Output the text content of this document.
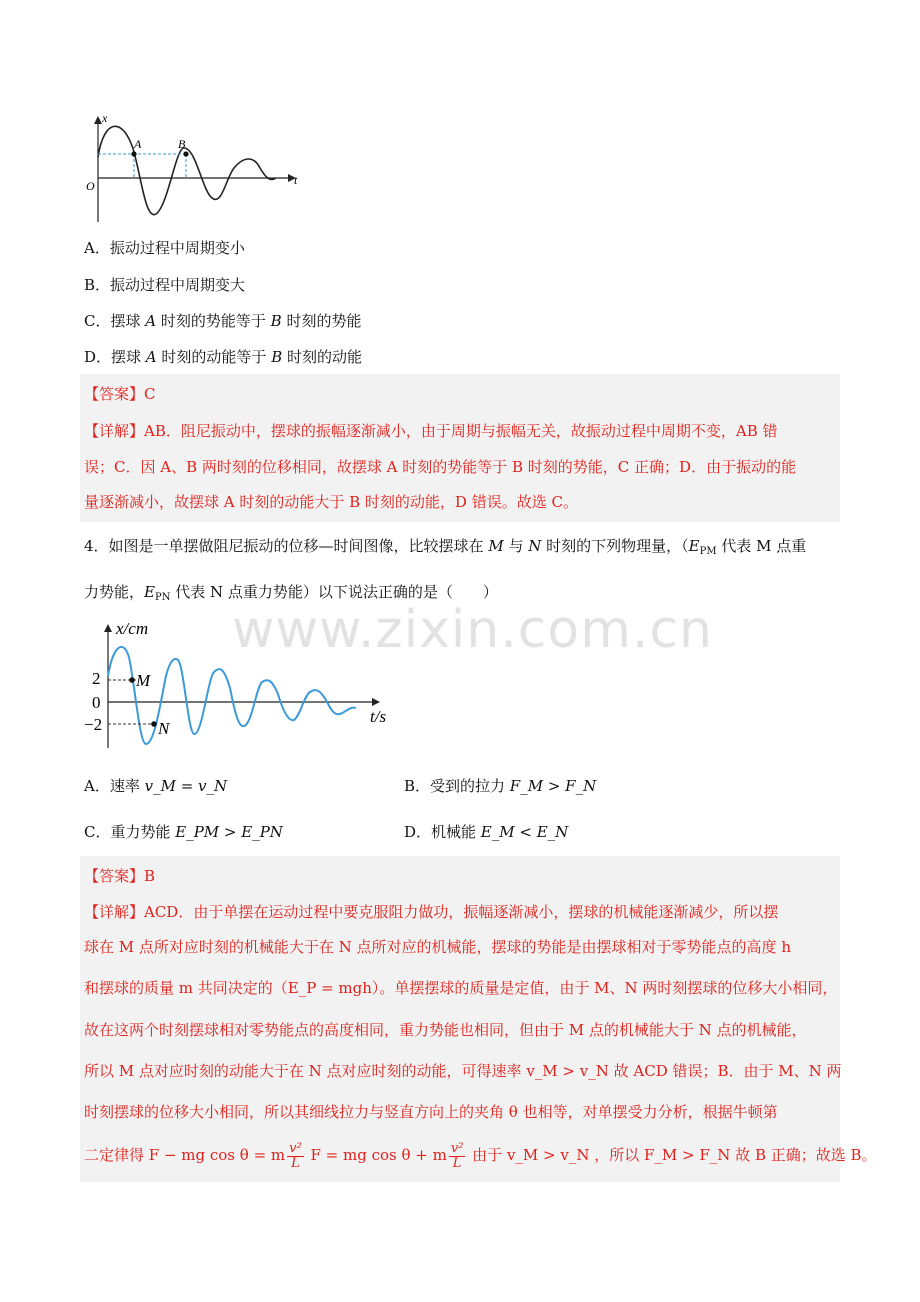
x
t
O
A	B
A．振动过程中周期变小
B．振动过程中周期变大
C．摆球 A 时刻的势能等于 B 时刻的势能
D．摆球 A 时刻的动能等于 B 时刻的动能
【答案】C
【详解】AB．阻尼振动中，摆球的振幅逐渐减小，由于周期与振幅无关，故振动过程中周期不变，AB 错
误；C．因 A、B 两时刻的位移相同，故摆球 A 时刻的势能等于 B 时刻的势能，C 正确；D．由于振动的能
量逐渐减小，故摆球 A 时刻的动能大于 B 时刻的动能，D 错误。故选 C。
4．如图是一单摆做阻尼振动的位移—时间图像，比较摆球在 M 与 N 时刻的下列物理量，（$E_{PM}$ 代表 M 点重
力势能，$E_{PN}$ 代表 N 点重力势能）以下说法正确的是（　　）
x/cm
t/s
2
0
−2
M
N
www.zixin.com.cn
A．速率 v_M = v_N	B．受到的拉力 F_M > F_N
C．重力势能 E_PM > E_PN	D．机械能 E_M < E_N
【答案】B
【详解】ACD．由于单摆在运动过程中要克服阻力做功，振幅逐渐减小，摆球的机械能逐渐减少，所以摆
球在 M 点所对应时刻的机械能大于在 N 点所对应的机械能，摆球的势能是由摆球相对于零势能点的高度 h
和摆球的质量 m 共同决定的（E_P = mgh）。单摆摆球的质量是定值，由于 M、N 两时刻摆球的位移大小相同，
故在这两个时刻摆球相对零势能点的高度相同，重力势能也相同，但由于 M 点的机械能大于 N 点的机械能，
所以 M 点对应时刻的动能大于在 N 点对应时刻的动能，可得速率 v_M > v_N 故 ACD 错误；B．由于 M、N 两
时刻摆球的位移大小相同，所以其细线拉力与竖直方向上的夹角 θ 也相等，对单摆受力分析，根据牛顿第
二定律得 F − mg cos θ = m $\frac{\text{v²}}{L}$ F = mg cos θ + m $\frac{\text{v²}}{L}$ 由于 v_M > v_N ，所以 F_M > F_N 故 B 正确；故选 B。
